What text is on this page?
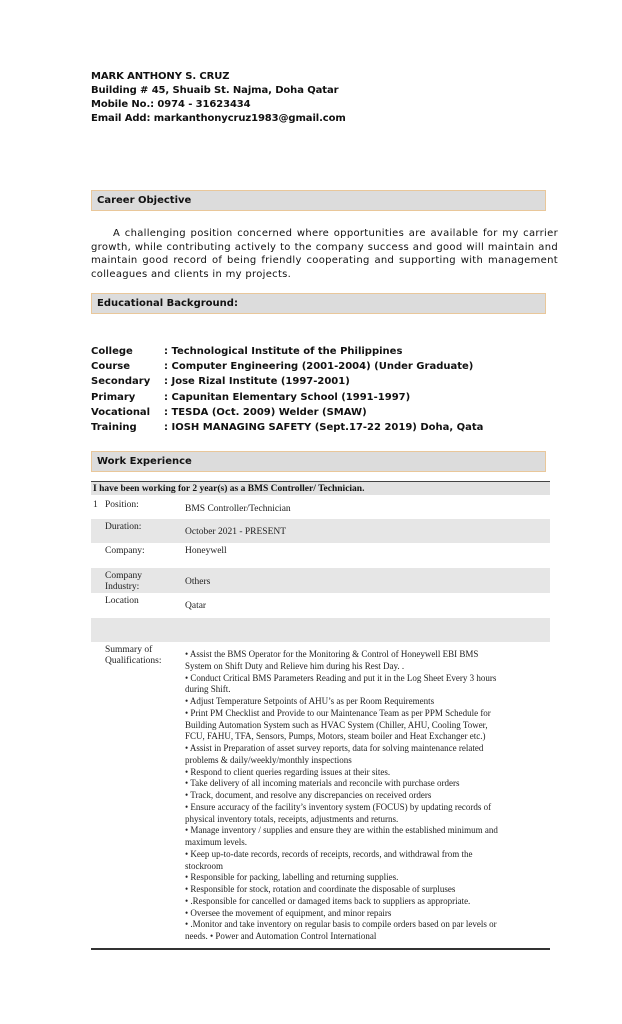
MARK ANTHONY S. CRUZ
Building # 45, Shuaib St. Najma, Doha Qatar
Mobile No.: 0974 - 31623434
Email Add: markanthonycruz1983@gmail.com
Career Objective
A challenging position concerned where opportunities are available for my carrier growth, while contributing actively to the company success and good will maintain and maintain good record of being friendly cooperating and supporting with management colleagues and clients in my projects.
Educational Background:
College	: Technological Institute of the Philippines
Course	: Computer Engineering (2001-2004) (Under Graduate)
Secondary : Jose Rizal Institute (1997-2001)
Primary	: Capunitan Elementary School (1991-1997)
Vocational : TESDA (Oct. 2009) Welder (SMAW)
Training	: IOSH MANAGING SAFETY (Sept.17-22 2019) Doha, Qata
Work Experience
I have been working for 2 year(s) as a BMS Controller/ Technician.
1 Position:	BMS Controller/Technician
Duration:	October 2021 - PRESENT
Company:	Honeywell
Company
Industry:	Others
Location	Qatar
Summary of
Qualifications:
• Assist the BMS Operator for the Monitoring & Control of Honeywell EBI BMS
System on Shift Duty and Relieve him during his Rest Day. .
• Conduct Critical BMS Parameters Reading and put it in the Log Sheet Every 3 hours
during Shift.
• Adjust Temperature Setpoints of AHU’s as per Room Requirements
• Print PM Checklist and Provide to our Maintenance Team as per PPM Schedule for
Building Automation System such as HVAC System (Chiller, AHU, Cooling Tower,
FCU, FAHU, TFA, Sensors, Pumps, Motors, steam boiler and Heat Exchanger etc.)
• Assist in Preparation of asset survey reports, data for solving maintenance related
problems & daily/weekly/monthly inspections
• Respond to client queries regarding issues at their sites.
• Take delivery of all incoming materials and reconcile with purchase orders
• Track, document, and resolve any discrepancies on received orders
• Ensure accuracy of the facility’s inventory system (FOCUS) by updating records of
physical inventory totals, receipts, adjustments and returns.
• Manage inventory / supplies and ensure they are within the established minimum and
maximum levels.
• Keep up-to-date records, records of receipts, records, and withdrawal from the
stockroom
• Responsible for packing, labelling and returning supplies.
• Responsible for stock, rotation and coordinate the disposable of surpluses
• .Responsible for cancelled or damaged items back to suppliers as appropriate.
• Oversee the movement of equipment, and minor repairs
• .Monitor and take inventory on regular basis to compile orders based on par levels or
needs. • Power and Automation Control International
